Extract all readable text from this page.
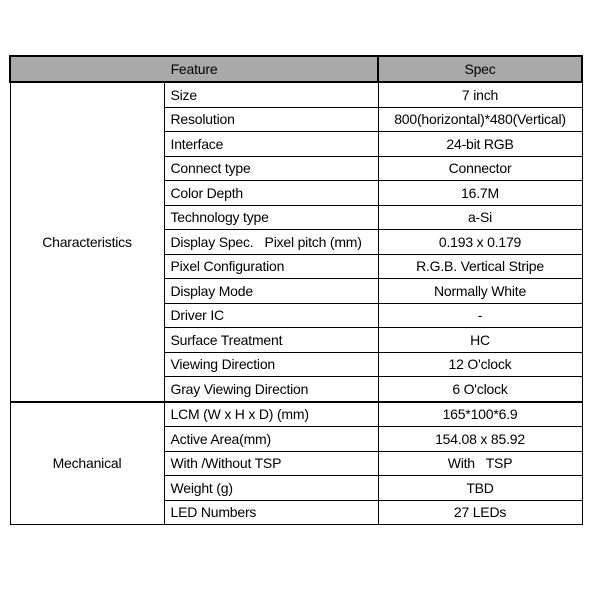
Feature		Spec
Characteristics	Size	7 inch
	Resolution	800(horizontal)*480(Vertical)
	Interface	24-bit RGB
	Connect type	Connector
	Color Depth	16.7M
	Technology type	a-Si
	Display Spec.   Pixel pitch (mm)	0.193 x 0.179
	Pixel Configuration	R.G.B. Vertical Stripe
	Display Mode	Normally White
	Driver IC	-
	Surface Treatment	HC
	Viewing Direction	12 O'clock
	Gray Viewing Direction	6 O'clock
Mechanical	LCM (W x H x D) (mm)	165*100*6.9
	Active Area(mm)	154.08 x 85.92
	With /Without TSP	With   TSP
	Weight (g)	TBD
	LED Numbers	27 LEDs
